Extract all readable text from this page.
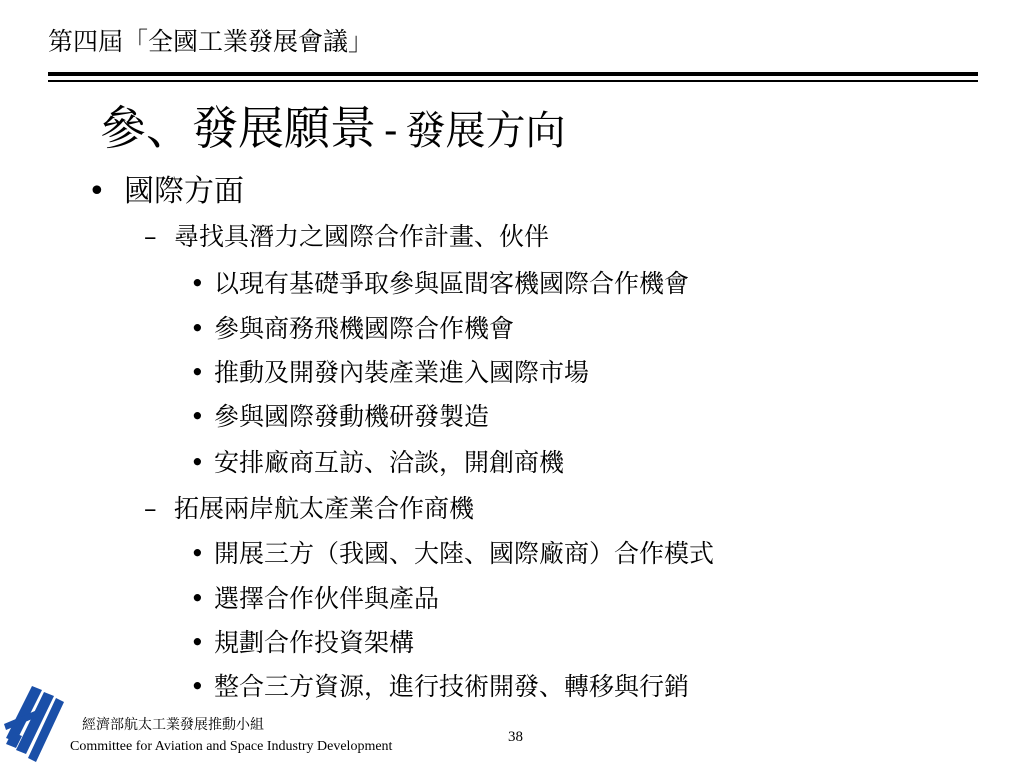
第四屆「全國工業發展會議」
參、發展願景 - 發展方向
• 國際方面
– 尋找具潛力之國際合作計畫、伙伴
• 以現有基礎爭取參與區間客機國際合作機會
• 參與商務飛機國際合作機會
• 推動及開發內裝產業進入國際市場
• 參與國際發動機研發製造
• 安排廠商互訪、洽談，開創商機
– 拓展兩岸航太產業合作商機
• 開展三方（我國、大陸、國際廠商）合作模式
• 選擇合作伙伴與產品
• 規劃合作投資架構
• 整合三方資源，進行技術開發、轉移與行銷
經濟部航太工業發展推動小組
Committee for Aviation and Space Industry Development
38
